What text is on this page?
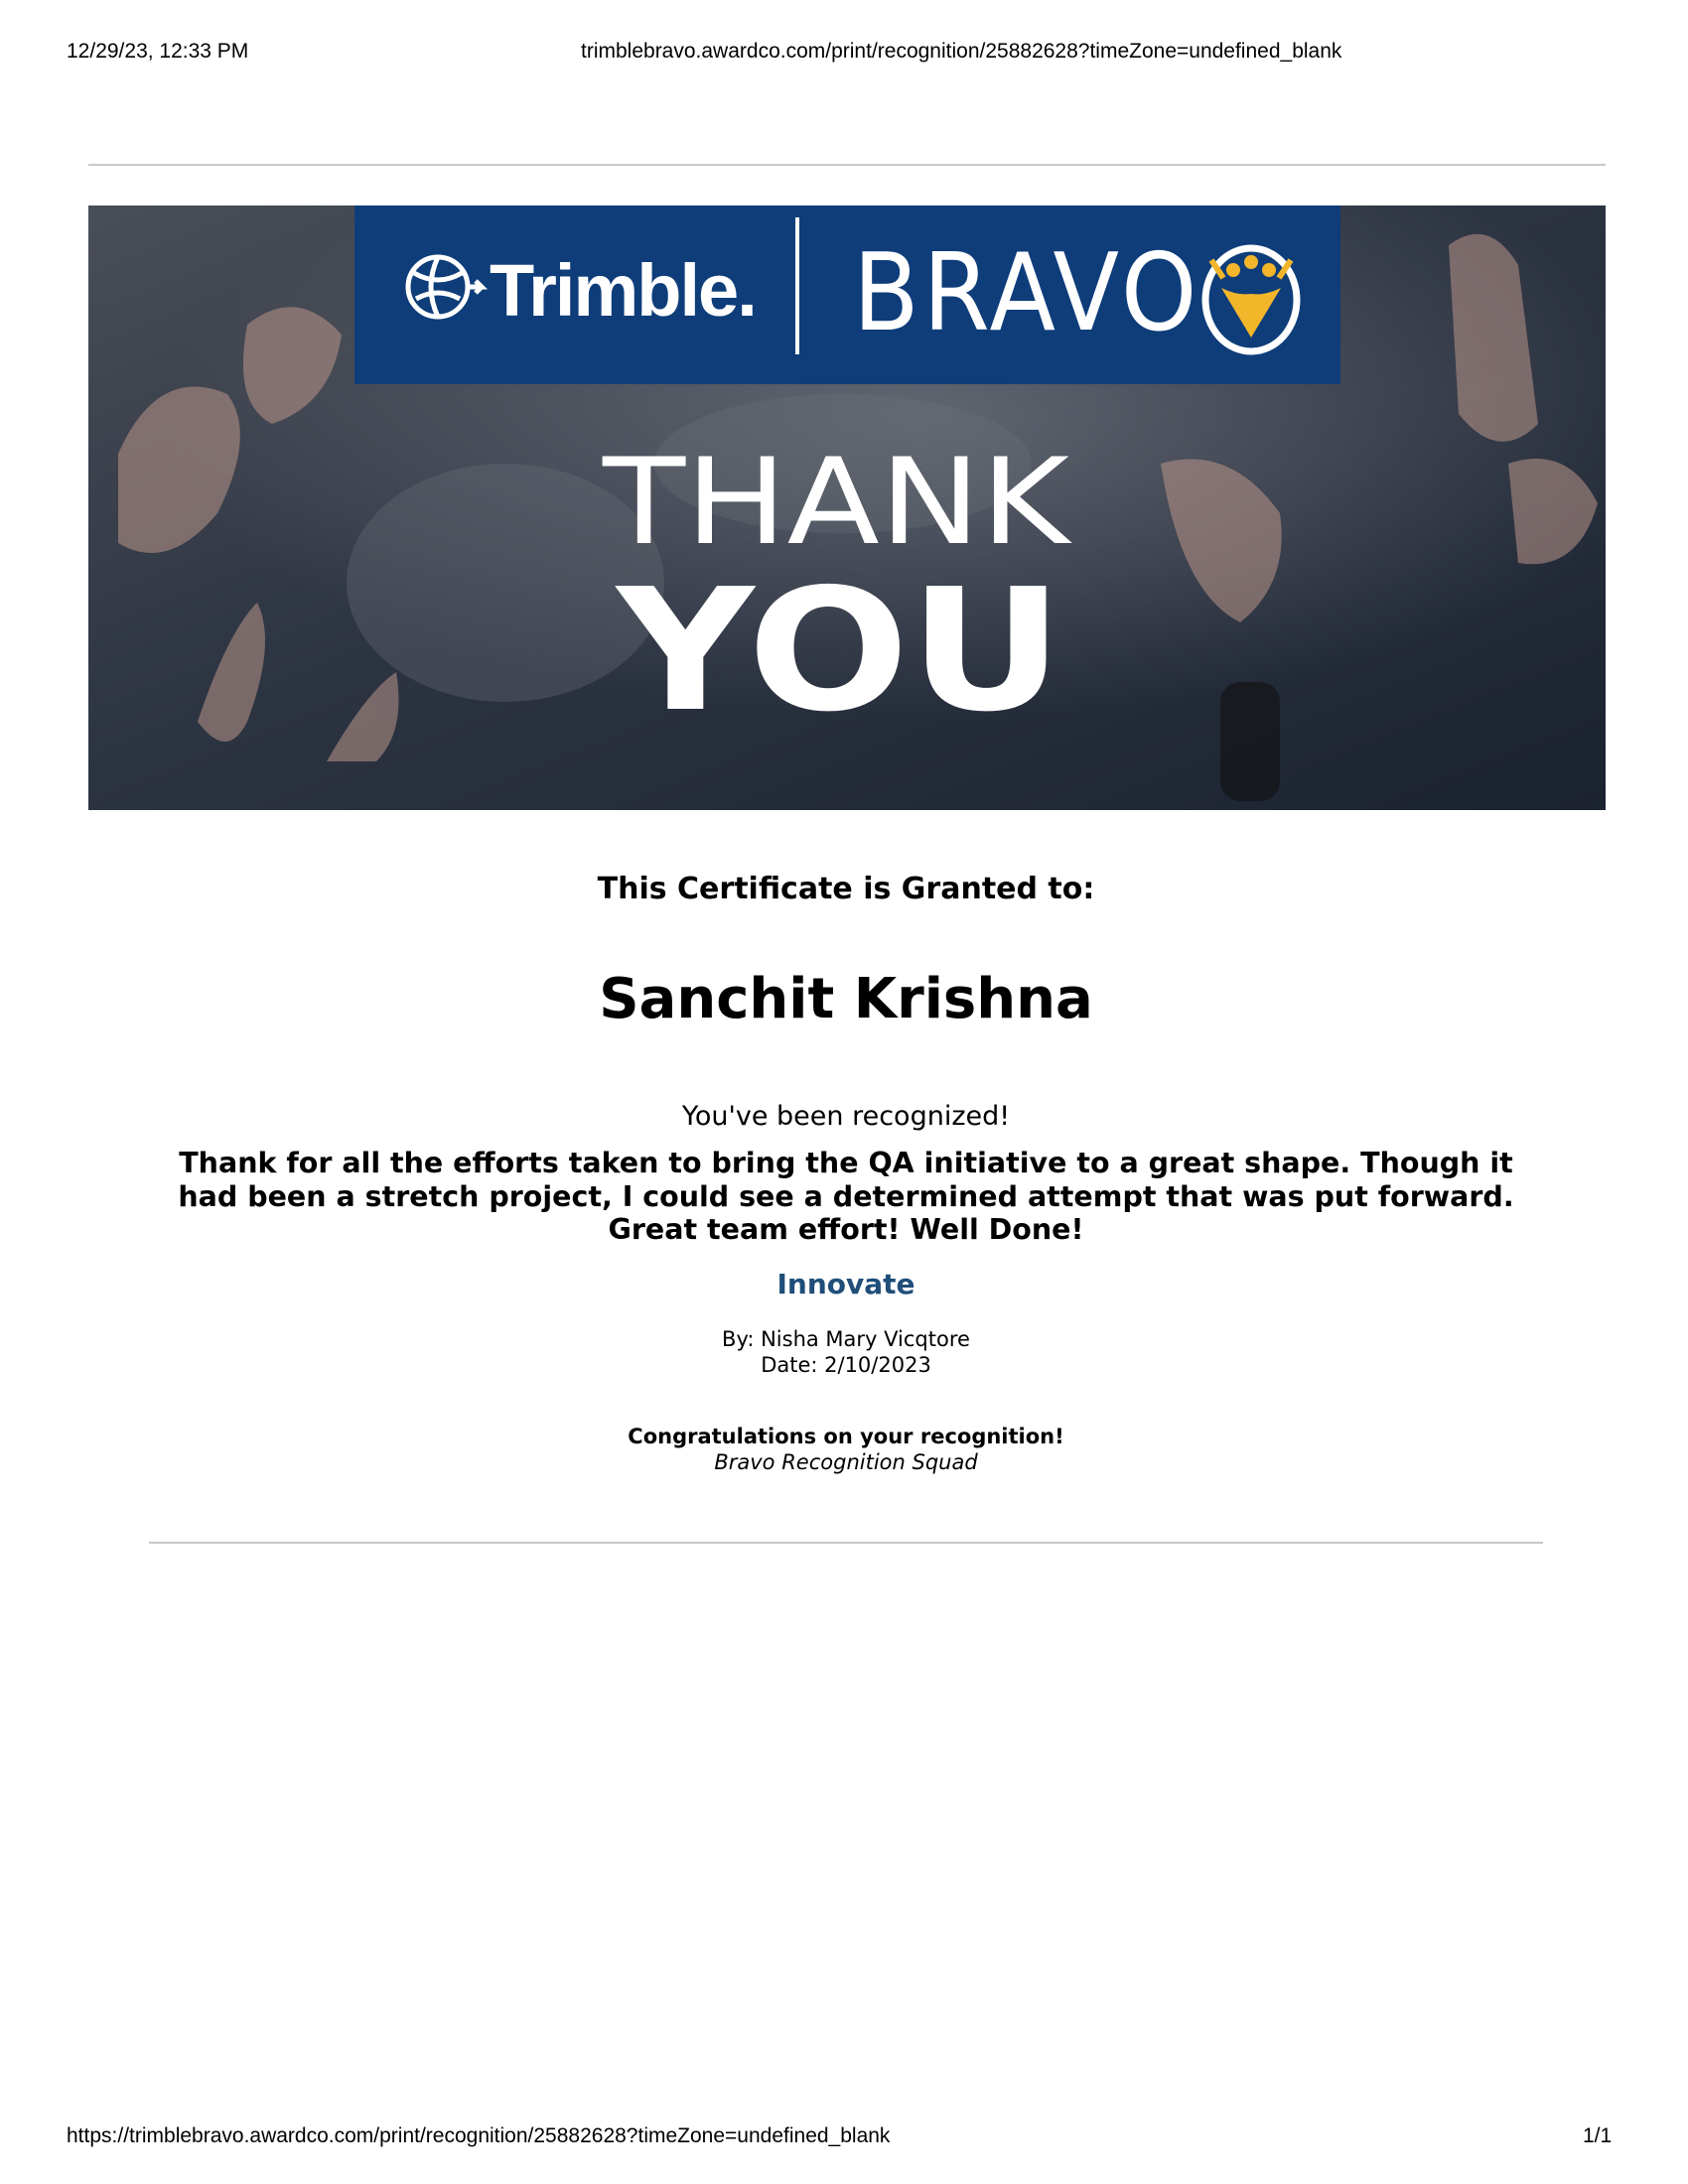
12/29/23, 12:33 PM	trimblebravo.awardco.com/print/recognition/25882628?timeZone=undefined_blank
Trimble. BRAVO
THANK
YOU

This Certificate is Granted to:

Sanchit Krishna

You've been recognized!

Thank for all the efforts taken to bring the QA initiative to a great shape. Though it had been a stretch project, I could see a determined attempt that was put forward. Great team effort! Well Done!

Innovate

By: Nisha Mary Vicqtore
Date: 2/10/2023

Congratulations on your recognition!

Bravo Recognition Squad

https://trimblebravo.awardco.com/print/recognition/25882628?timeZone=undefined_blank	1/1
